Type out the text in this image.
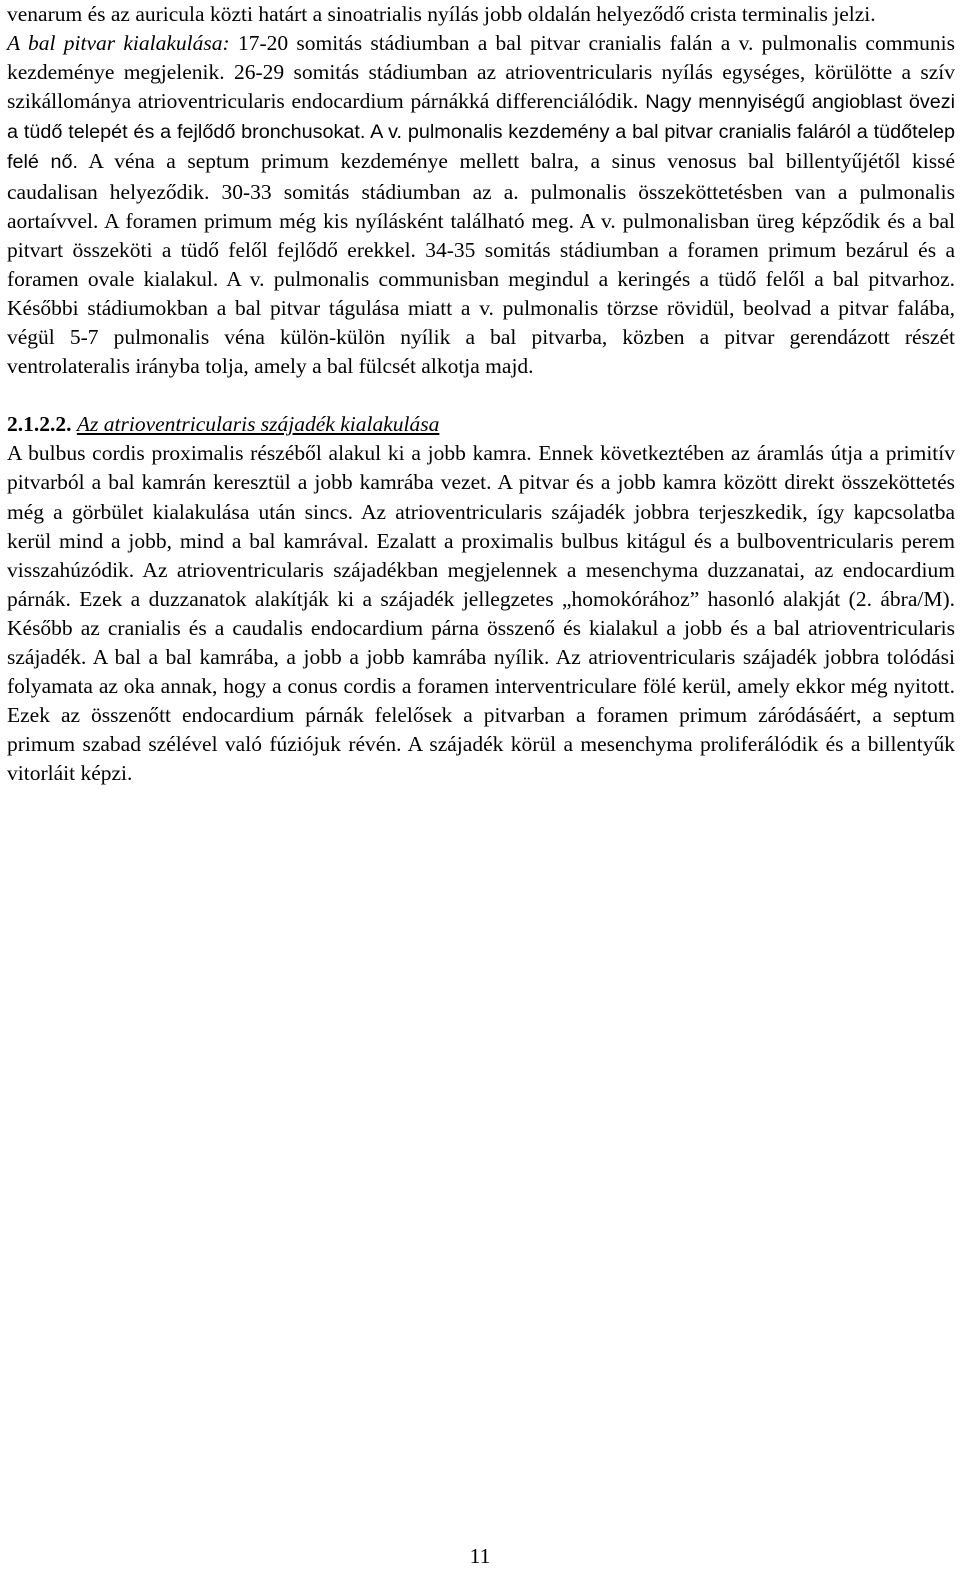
venarum és az auricula közti határt a sinoatrialis nyílás jobb oldalán helyeződő crista terminalis jelzi.

A bal pitvar kialakulása: 17-20 somitás stádiumban a bal pitvar cranialis falán a v. pulmonalis communis kezdeménye megjelenik. 26-29 somitás stádiumban az atrioventricularis nyílás egységes, körülötte a szív szikállománya atrioventricularis endocardium párnákká differenciálódik. Nagy mennyiségű angioblast övezi a tüdő telepét és a fejlődő bronchusokat. A v. pulmonalis kezdemény a bal pitvar cranialis faláról a tüdőtelep felé nő. A véna a septum primum kezdeménye mellett balra, a sinus venosus bal billentyűjétől kissé caudalisan helyeződik. 30-33 somitás stádiumban az a. pulmonalis összeköttetésben van a pulmonalis aortaívvel. A foramen primum még kis nyílásként található meg. A v. pulmonalisban üreg képződik és a bal pitvart összeköti a tüdő felől fejlődő erekkel. 34-35 somitás stádiumban a foramen primum bezárul és a foramen ovale kialakul. A v. pulmonalis communisban megindul a keringés a tüdő felől a bal pitvarhoz. Későbbi stádiumokban a bal pitvar tágulása miatt a v. pulmonalis törzse rövidül, beolvad a pitvar falába, végül 5-7 pulmonalis véna külön-külön nyílik a bal pitvarba, közben a pitvar gerendázott részét ventrolateralis irányba tolja, amely a bal fülcsét alkotja majd.

2.1.2.2. Az atrioventricularis szájadék kialakulása

A bulbus cordis proximalis részéből alakul ki a jobb kamra. Ennek következtében az áramlás útja a primitív pitvarból a bal kamrán keresztül a jobb kamrába vezet. A pitvar és a jobb kamra között direkt összeköttetés még a görbület kialakulása után sincs. Az atrioventricularis szájadék jobbra terjeszkedik, így kapcsolatba kerül mind a jobb, mind a bal kamrával. Ezalatt a proximalis bulbus kitágul és a bulboventricularis perem visszahúzódik. Az atrioventricularis szájadékban megjelennek a mesenchyma duzzanatai, az endocardium párnák. Ezek a duzzanatok alakítják ki a szájadék jellegzetes „homokórához” hasonló alakját (2. ábra/M). Később az cranialis és a caudalis endocardium párna összenő és kialakul a jobb és a bal atrioventricularis szájadék. A bal a bal kamrába, a jobb a jobb kamrába nyílik. Az atrioventricularis szájadék jobbra tolódási folyamata az oka annak, hogy a conus cordis a foramen interventriculare fölé kerül, amely ekkor még nyitott. Ezek az összenőtt endocardium párnák felelősek a pitvarban a foramen primum záródásáért, a septum primum szabad szélével való fúziójuk révén. A szájadék körül a mesenchyma proliferálódik és a billentyűk vitorláit képzi.

11
